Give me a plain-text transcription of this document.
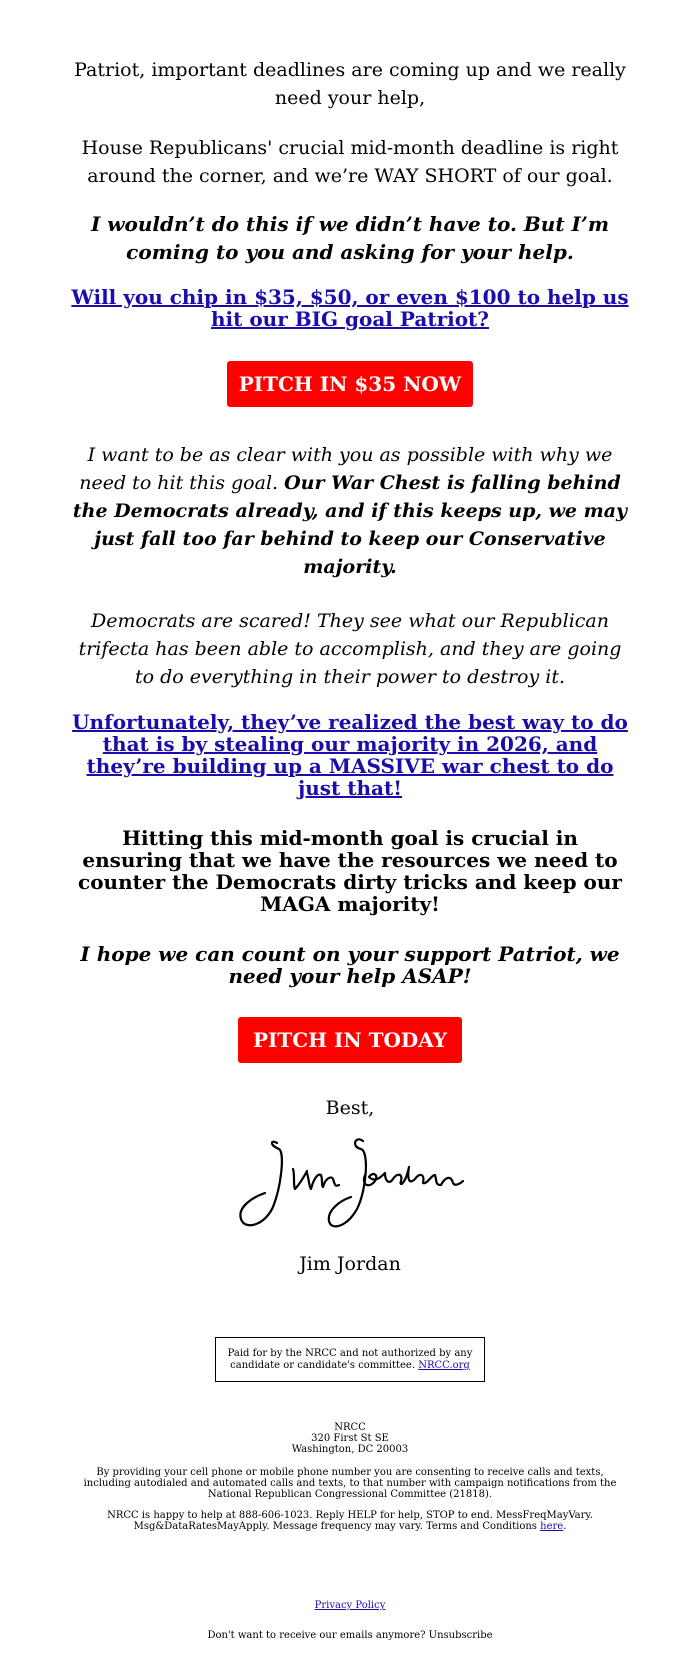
Patriot, important deadlines are coming up and we really need your help,

House Republicans' crucial mid-month deadline is right around the corner, and we’re WAY SHORT of our goal.

I wouldn’t do this if we didn’t have to. But I’m coming to you and asking for your help.

Will you chip in $35, $50, or even $100 to help us hit our BIG goal Patriot?
PITCH IN $35 NOW

I want to be as clear with you as possible with why we need to hit this goal. Our War Chest is falling behind the Democrats already, and if this keeps up, we may just fall too far behind to keep our Conservative majority.

Democrats are scared! They see what our Republican trifecta has been able to accomplish, and they are going to do everything in their power to destroy it.

Unfortunately, they’ve realized the best way to do that is by stealing our majority in 2026, and they’re building up a MASSIVE war chest to do just that!

Hitting this mid-month goal is crucial in ensuring that we have the resources we need to counter the Democrats dirty tricks and keep our MAGA majority!

I hope we can count on your support Patriot, we need your help ASAP!

PITCH IN TODAY

Best,

Jim Jordan

Paid for by the NRCC and not authorized by any candidate or candidate's committee. NRCC.org
NRCC
320 First St SE
Washington, DC 20003

By providing your cell phone or mobile phone number you are consenting to receive calls and texts, including autodialed and automated calls and texts, to that number with campaign notifications from the National Republican Congressional Committee (21818).

NRCC is happy to help at 888-606-1023. Reply HELP for help, STOP to end. MessFreqMayVary. Msg&DataRatesMayApply. Message frequency may vary. Terms and Conditions here.

Privacy Policy

Don't want to receive our emails anymore? Unsubscribe
